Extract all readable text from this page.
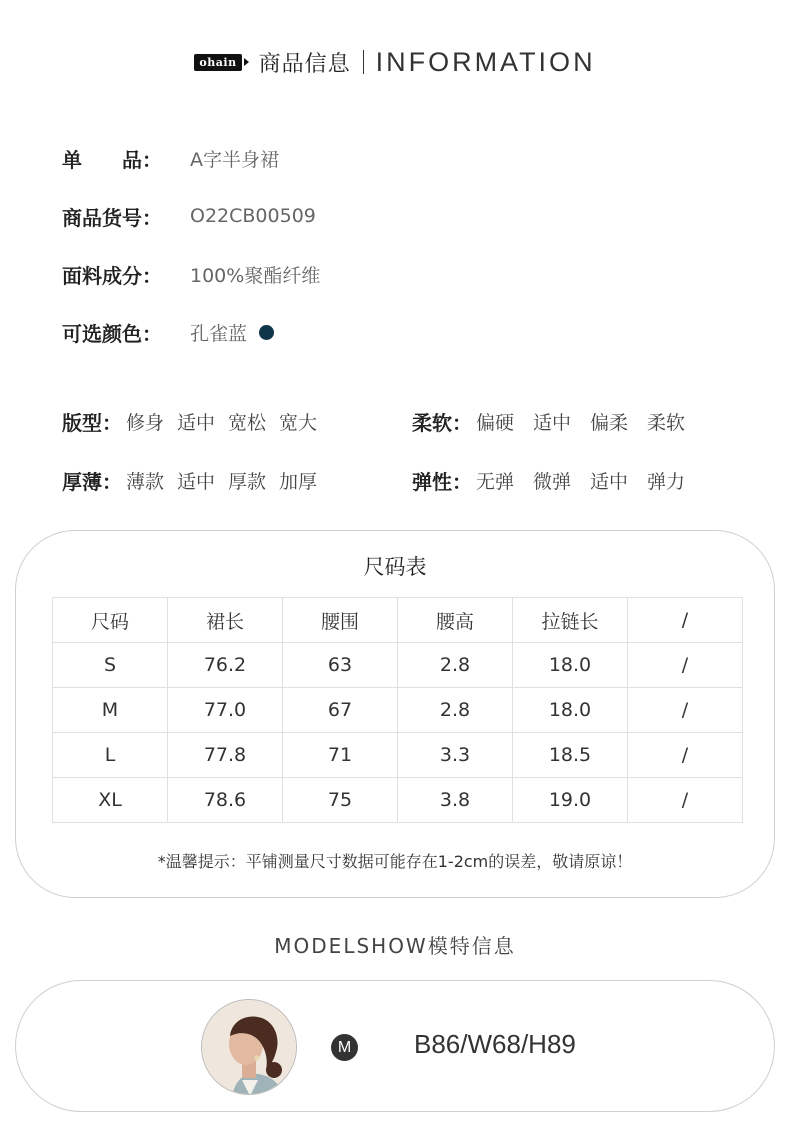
ohain 商品信息 INFORMATION
单　　品：	A字半身裙
商品货号：	O22CB00509
面料成分：	100%聚酯纤维
可选颜色：	孔雀蓝
版型： 修身 适中 宽松 宽大	柔软： 偏硬 适中 偏柔 柔软
厚薄： 薄款 适中 厚款 加厚	弹性： 无弹 微弹 适中 弹力
尺码表
尺码	裙长	腰围	腰高	拉链长	/
S	76.2	63	2.8	18.0	/
M	77.0	67	2.8	18.0	/
L	77.8	71	3.3	18.5	/
XL	78.6	75	3.8	19.0	/
*温馨提示：平铺测量尺寸数据可能存在1-2cm的误差，敬请原谅！
MODELSHOW模特信息
M B86/W68/H89
